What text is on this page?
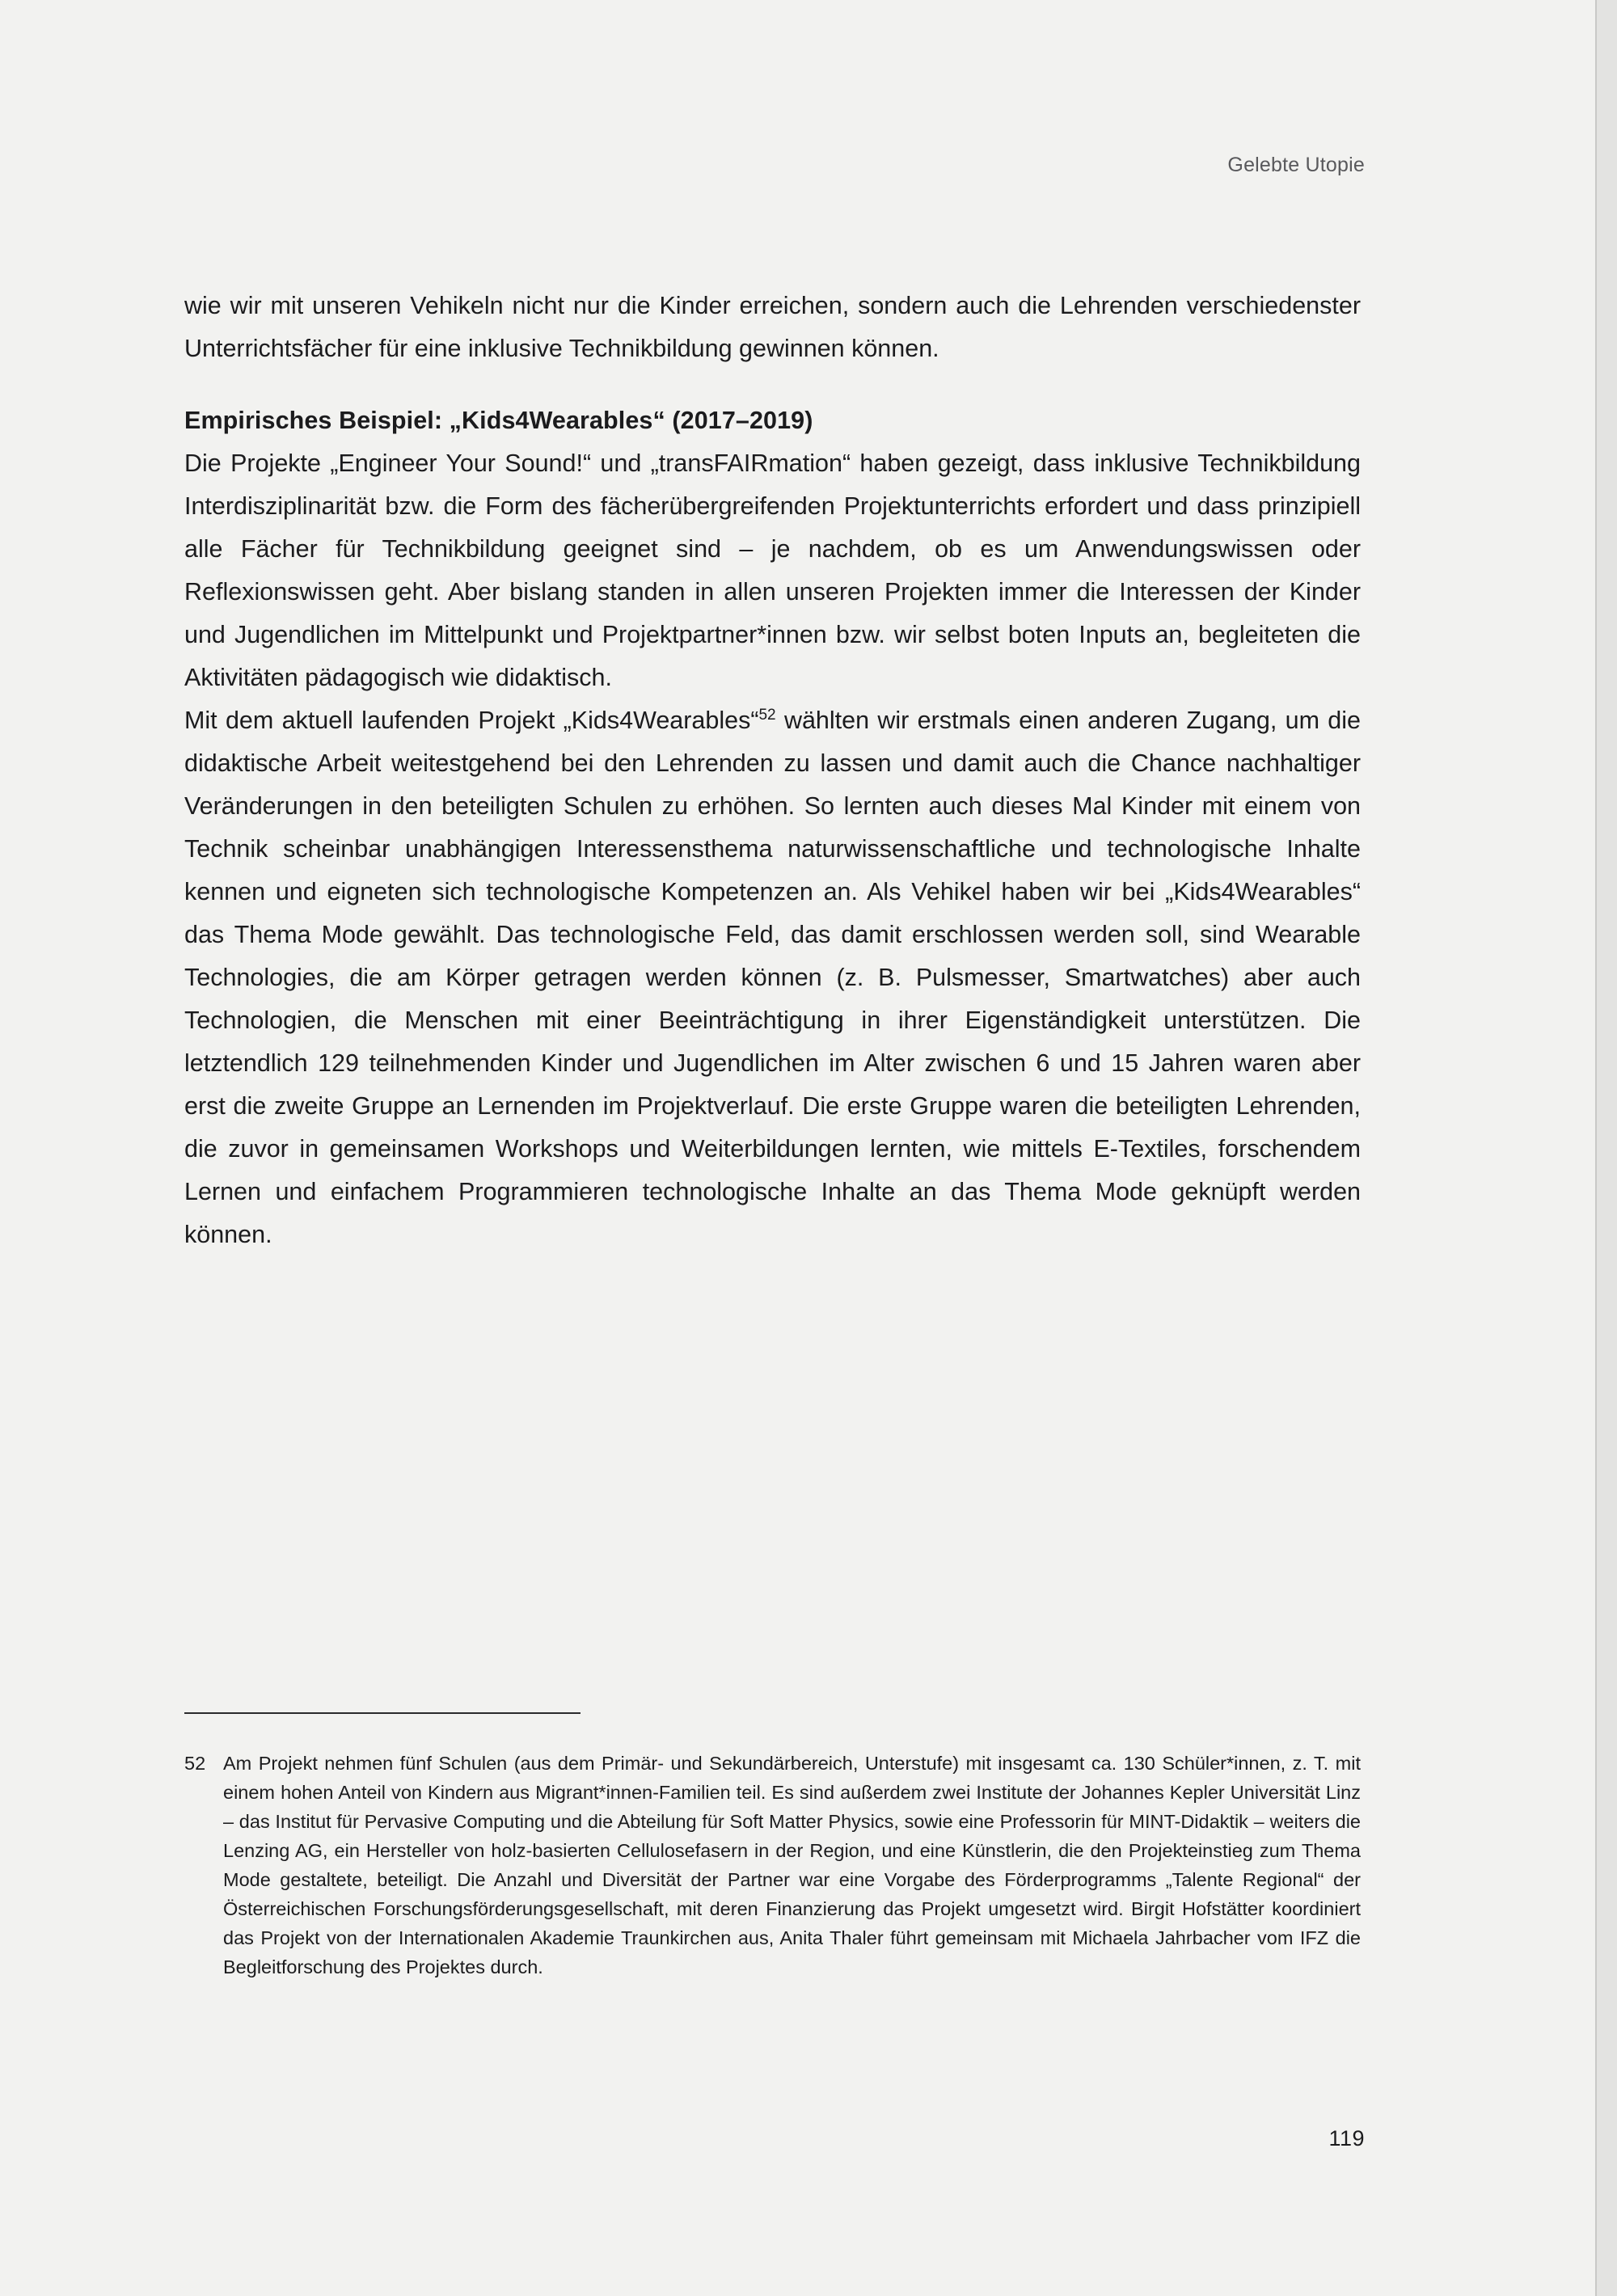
Gelebte Utopie

wie wir mit unseren Vehikeln nicht nur die Kinder erreichen, sondern auch die Lehrenden verschiedenster Unterrichtsfächer für eine inklusive Technikbildung gewinnen können.

Empirisches Beispiel: „Kids4Wearables“ (2017–2019)

Die Projekte „Engineer Your Sound!“ und „transFAIRmation“ haben gezeigt, dass inklusive Technikbildung Interdisziplinarität bzw. die Form des fächerübergreifenden Projektunterrichts erfordert und dass prinzipiell alle Fächer für Technikbildung geeignet sind – je nachdem, ob es um Anwendungswissen oder Reflexionswissen geht. Aber bislang standen in allen unseren Projekten immer die Interessen der Kinder und Jugendlichen im Mittelpunkt und Projektpartner*innen bzw. wir selbst boten Inputs an, begleiteten die Aktivitäten pädagogisch wie didaktisch.

Mit dem aktuell laufenden Projekt „Kids4Wearables“$^{52}$ wählten wir erstmals einen anderen Zugang, um die didaktische Arbeit weitestgehend bei den Lehrenden zu lassen und damit auch die Chance nachhaltiger Veränderungen in den beteiligten Schulen zu erhöhen. So lernten auch dieses Mal Kinder mit einem von Technik scheinbar unabhängigen Interessensthema naturwissenschaftliche und technologische Inhalte kennen und eigneten sich technologische Kompetenzen an. Als Vehikel haben wir bei „Kids4Wearables“ das Thema Mode gewählt. Das technologische Feld, das damit erschlossen werden soll, sind Wearable Technologies, die am Körper getragen werden können (z. B. Pulsmesser, Smartwatches) aber auch Technologien, die Menschen mit einer Beeinträchtigung in ihrer Eigenständigkeit unterstützen. Die letztendlich 129 teilnehmenden Kinder und Jugendlichen im Alter zwischen 6 und 15 Jahren waren aber erst die zweite Gruppe an Lernenden im Projektverlauf. Die erste Gruppe waren die beteiligten Lehrenden, die zuvor in gemeinsamen Workshops und Weiterbildungen lernten, wie mittels E-Textiles, forschendem Lernen und einfachem Programmieren technologische Inhalte an das Thema Mode geknüpft werden können.

52 Am Projekt nehmen fünf Schulen (aus dem Primär- und Sekundärbereich, Unterstufe) mit insgesamt ca. 130 Schüler*innen, z. T. mit einem hohen Anteil von Kindern aus Migrant*innen-Familien teil. Es sind außerdem zwei Institute der Johannes Kepler Universität Linz – das Institut für Pervasive Computing und die Abteilung für Soft Matter Physics, sowie eine Professorin für MINT-Didaktik – weiters die Lenzing AG, ein Hersteller von holz-basierten Cellulosefasern in der Region, und eine Künstlerin, die den Projekteinstieg zum Thema Mode gestaltete, beteiligt. Die Anzahl und Diversität der Partner war eine Vorgabe des Förderprogramms „Talente Regional“ der Österreichischen Forschungsförderungsgesellschaft, mit deren Finanzierung das Projekt umgesetzt wird. Birgit Hofstätter koordiniert das Projekt von der Internationalen Akademie Traunkirchen aus, Anita Thaler führt gemeinsam mit Michaela Jahrbacher vom IFZ die Begleitforschung des Projektes durch.
119
